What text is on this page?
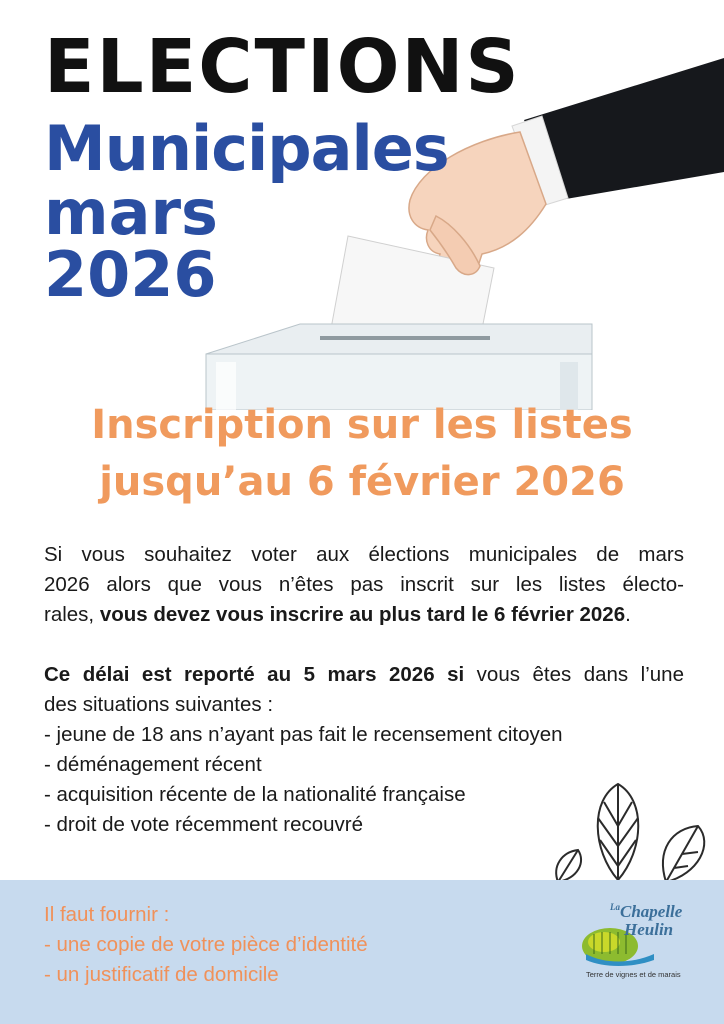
ELECTIONS
Municipales
mars
2026
Inscription sur les listes
jusqu’au 6 février 2026
Si vous souhaitez voter aux élections municipales de mars
2026 alors que vous n’êtes pas inscrit sur les listes électo-
rales, vous devez vous inscrire au plus tard le 6 février 2026.
Ce délai est reporté au 5 mars 2026 si vous êtes dans l’une
des situations suivantes :
- jeune de 18 ans n’ayant pas fait le recensement citoyen
- déménagement récent
- acquisition récente de la nationalité française
- droit de vote récemment recouvré
Il faut fournir :
- une copie de votre pièce d’identité
- un justificatif de domicile
$^{La}$Chapelle
Heulin
Terre de vignes et de marais
